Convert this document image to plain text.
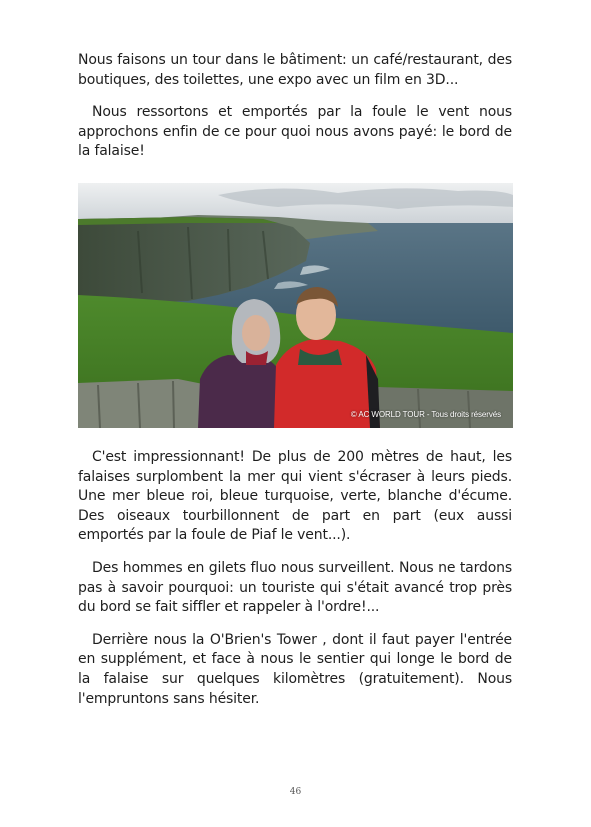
Nous faisons un tour dans le bâtiment: un café/restaurant, des boutiques, des toilettes, une expo avec un film en 3D...

Nous ressortons et emportés par la foule le vent nous approchons enfin de ce pour quoi nous avons payé: le bord de la falaise!

© AC WORLD TOUR - Tous droits réservés

C'est impressionnant! De plus de 200 mètres de haut, les falaises surplombent la mer qui vient s'écraser à leurs pieds. Une mer bleue roi, bleue turquoise, verte, blanche d'écume. Des oiseaux tourbillonnent de part en part (eux aussi emportés par la foule de Piaf le vent...).

Des hommes en gilets fluo nous surveillent. Nous ne tardons pas à savoir pourquoi: un touriste qui s'était avancé trop près du bord se fait siffler et rappeler à l'ordre!...

Derrière nous la O'Brien's Tower , dont il faut payer l'entrée en supplément, et face à nous le sentier qui longe le bord de la falaise sur quelques kilomètres (gratuitement). Nous l'empruntons sans hésiter.

46
